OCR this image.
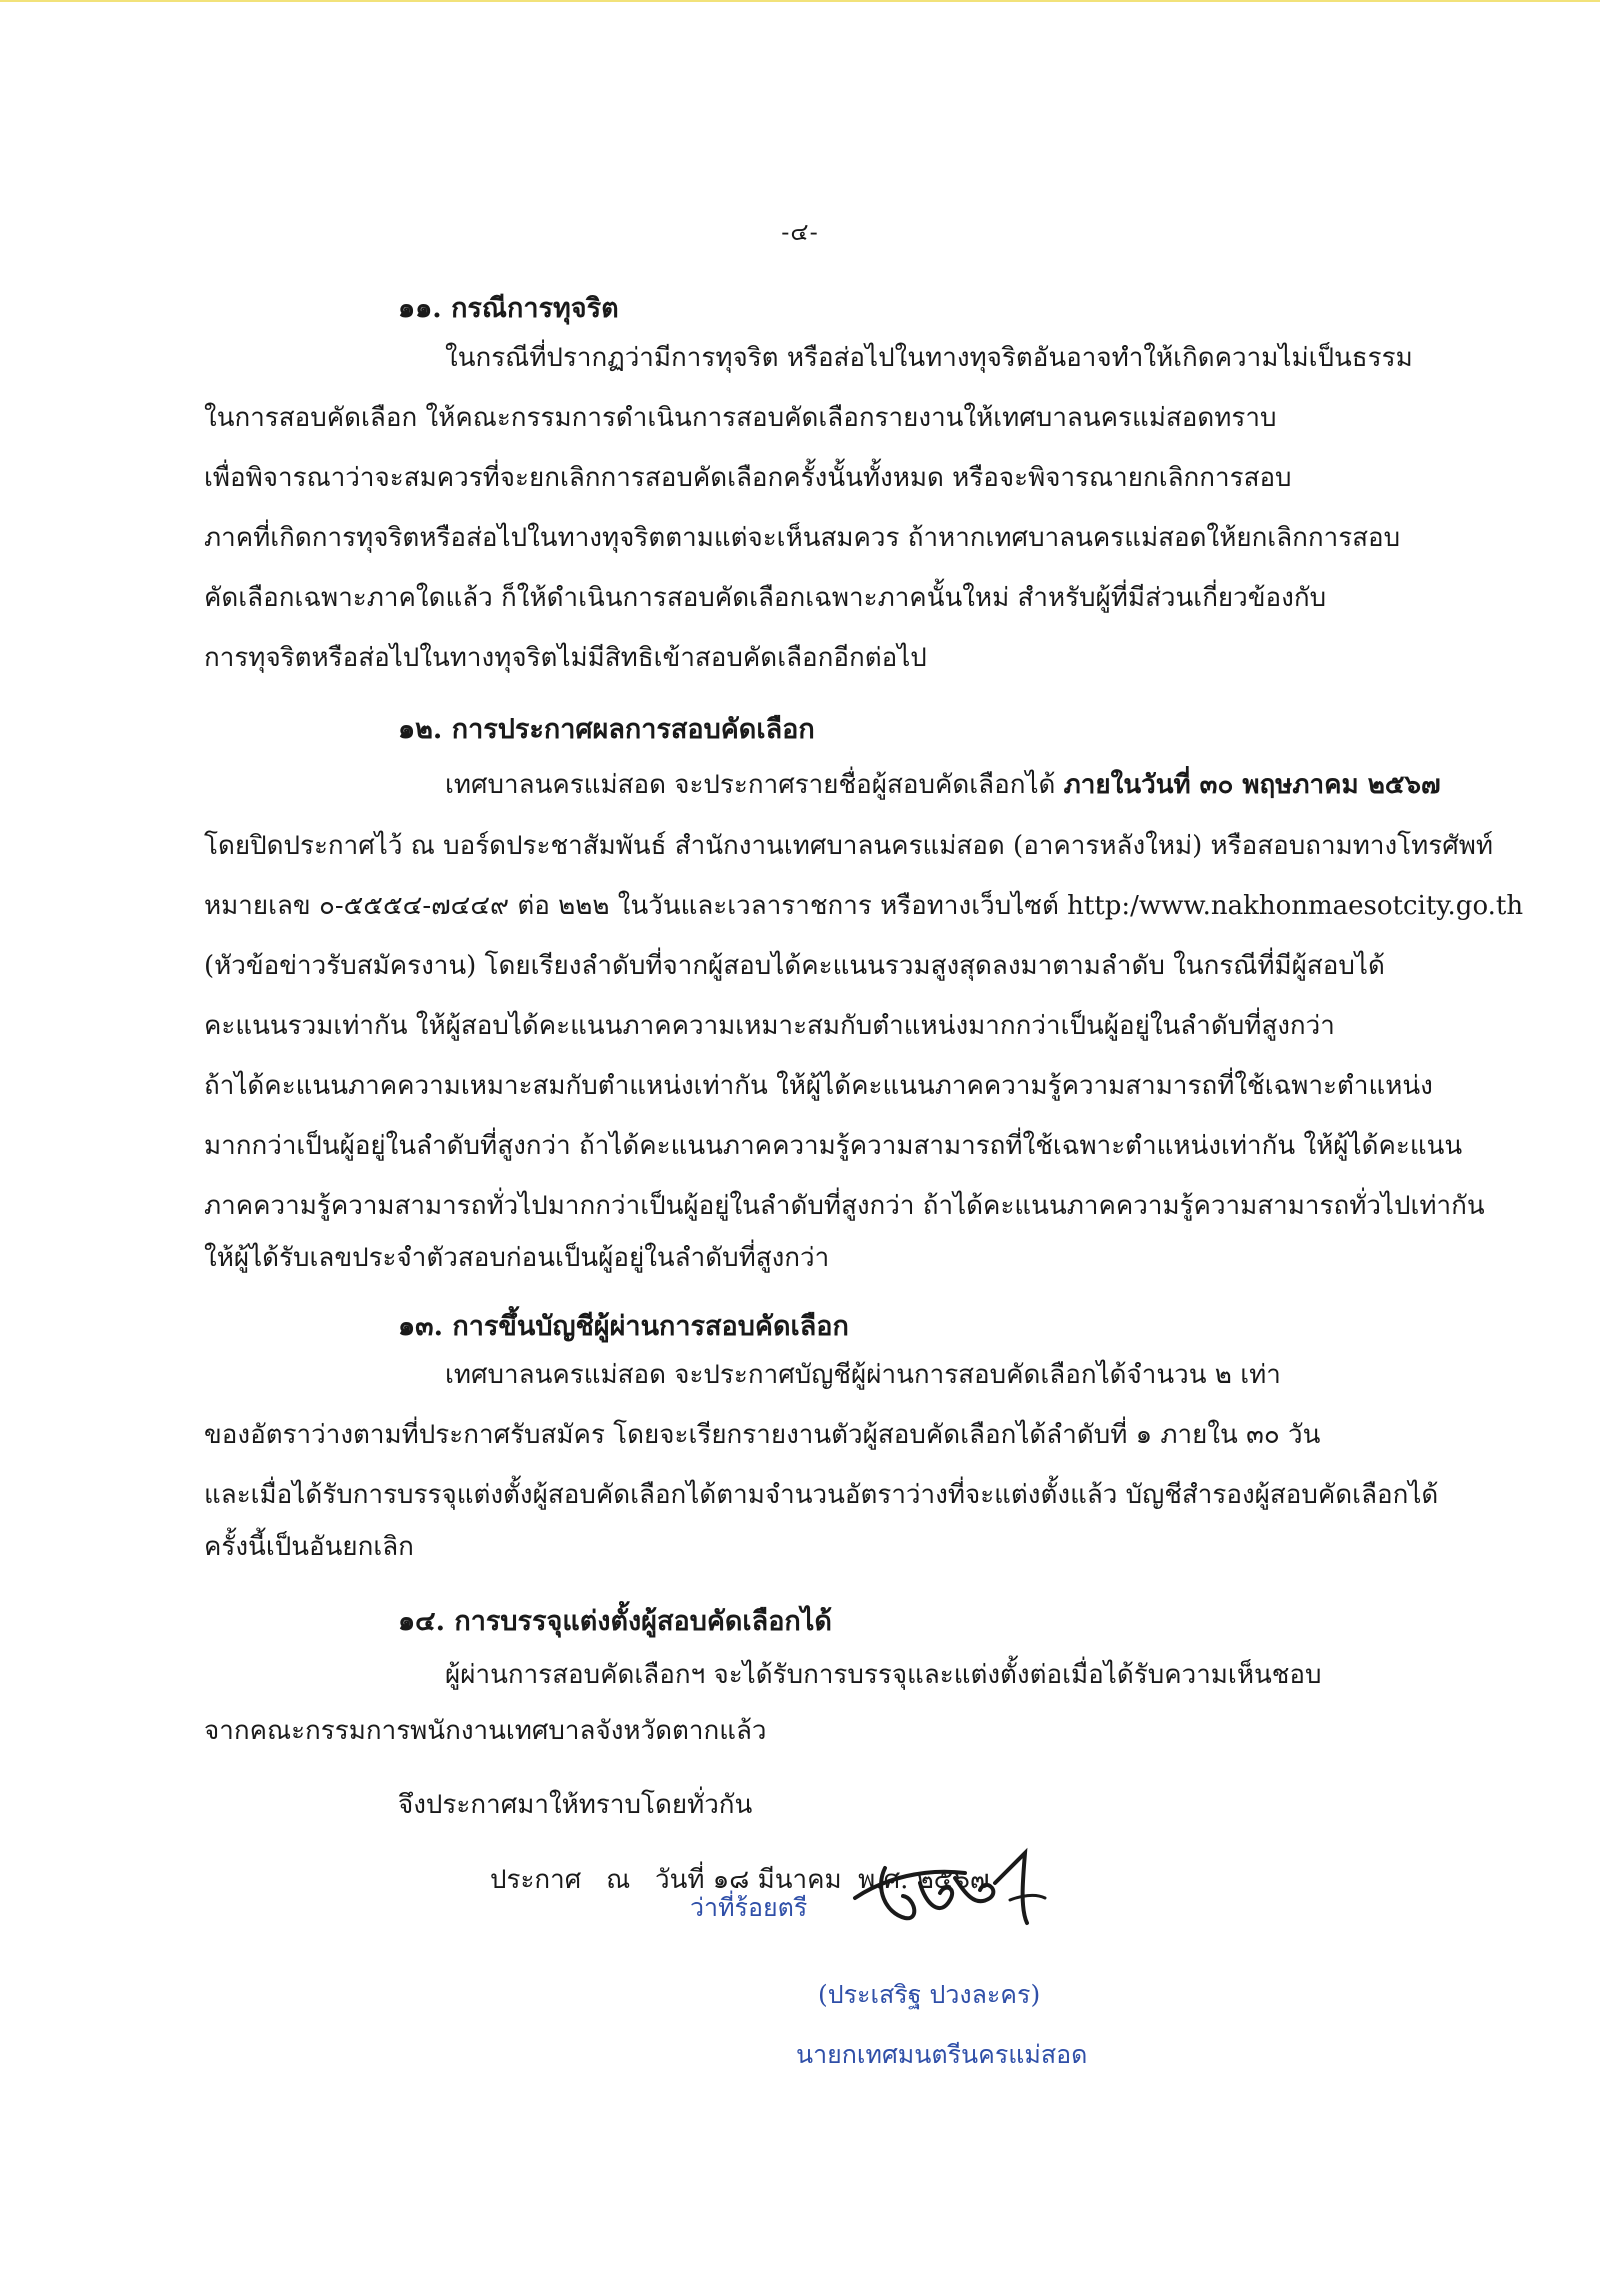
-๔-
๑๑. กรณีการทุจริต
ในกรณีที่ปรากฏว่ามีการทุจริต หรือส่อไปในทางทุจริตอันอาจทำให้เกิดความไม่เป็นธรรม
ในการสอบคัดเลือก ให้คณะกรรมการดำเนินการสอบคัดเลือกรายงานให้เทศบาลนครแม่สอดทราบ
เพื่อพิจารณาว่าจะสมควรที่จะยกเลิกการสอบคัดเลือกครั้งนั้นทั้งหมด หรือจะพิจารณายกเลิกการสอบ
ภาคที่เกิดการทุจริตหรือส่อไปในทางทุจริตตามแต่จะเห็นสมควร ถ้าหากเทศบาลนครแม่สอดให้ยกเลิกการสอบ
คัดเลือกเฉพาะภาคใดแล้ว ก็ให้ดำเนินการสอบคัดเลือกเฉพาะภาคนั้นใหม่ สำหรับผู้ที่มีส่วนเกี่ยวข้องกับ
การทุจริตหรือส่อไปในทางทุจริตไม่มีสิทธิเข้าสอบคัดเลือกอีกต่อไป
๑๒. การประกาศผลการสอบคัดเลือก
เทศบาลนครแม่สอด จะประกาศรายชื่อผู้สอบคัดเลือกได้ ภายในวันที่ ๓๐ พฤษภาคม ๒๕๖๗
โดยปิดประกาศไว้ ณ บอร์ดประชาสัมพันธ์ สำนักงานเทศบาลนครแม่สอด (อาคารหลังใหม่) หรือสอบถามทางโทรศัพท์
หมายเลข ๐-๕๕๕๔-๗๔๔๙ ต่อ ๒๒๒ ในวันและเวลาราชการ หรือทางเว็บไซต์ http:/www.nakhonmaesotcity.go.th
(หัวข้อข่าวรับสมัครงาน) โดยเรียงลำดับที่จากผู้สอบได้คะแนนรวมสูงสุดลงมาตามลำดับ ในกรณีที่มีผู้สอบได้
คะแนนรวมเท่ากัน ให้ผู้สอบได้คะแนนภาคความเหมาะสมกับตำแหน่งมากกว่าเป็นผู้อยู่ในลำดับที่สูงกว่า
ถ้าได้คะแนนภาคความเหมาะสมกับตำแหน่งเท่ากัน ให้ผู้ได้คะแนนภาคความรู้ความสามารถที่ใช้เฉพาะตำแหน่ง
มากกว่าเป็นผู้อยู่ในลำดับที่สูงกว่า ถ้าได้คะแนนภาคความรู้ความสามารถที่ใช้เฉพาะตำแหน่งเท่ากัน ให้ผู้ได้คะแนน
ภาคความรู้ความสามารถทั่วไปมากกว่าเป็นผู้อยู่ในลำดับที่สูงกว่า ถ้าได้คะแนนภาคความรู้ความสามารถทั่วไปเท่ากัน
ให้ผู้ได้รับเลขประจำตัวสอบก่อนเป็นผู้อยู่ในลำดับที่สูงกว่า
๑๓. การขึ้นบัญชีผู้ผ่านการสอบคัดเลือก
เทศบาลนครแม่สอด จะประกาศบัญชีผู้ผ่านการสอบคัดเลือกได้จำนวน ๒ เท่า
ของอัตราว่างตามที่ประกาศรับสมัคร โดยจะเรียกรายงานตัวผู้สอบคัดเลือกได้ลำดับที่ ๑ ภายใน ๓๐ วัน
และเมื่อได้รับการบรรจุแต่งตั้งผู้สอบคัดเลือกได้ตามจำนวนอัตราว่างที่จะแต่งตั้งแล้ว บัญชีสำรองผู้สอบคัดเลือกได้
ครั้งนี้เป็นอันยกเลิก
๑๔. การบรรจุแต่งตั้งผู้สอบคัดเลือกได้
ผู้ผ่านการสอบคัดเลือกฯ จะได้รับการบรรจุและแต่งตั้งต่อเมื่อได้รับความเห็นชอบ
จากคณะกรรมการพนักงานเทศบาลจังหวัดตากแล้ว
จึงประกาศมาให้ทราบโดยทั่วกัน
ประกาศ   ณ   วันที่ ๑๘ มีนาคม  พ.ศ. ๒๕๖๗
ว่าที่ร้อยตรี
(ประเสริฐ ปวงละคร)
นายกเทศมนตรีนครแม่สอด
